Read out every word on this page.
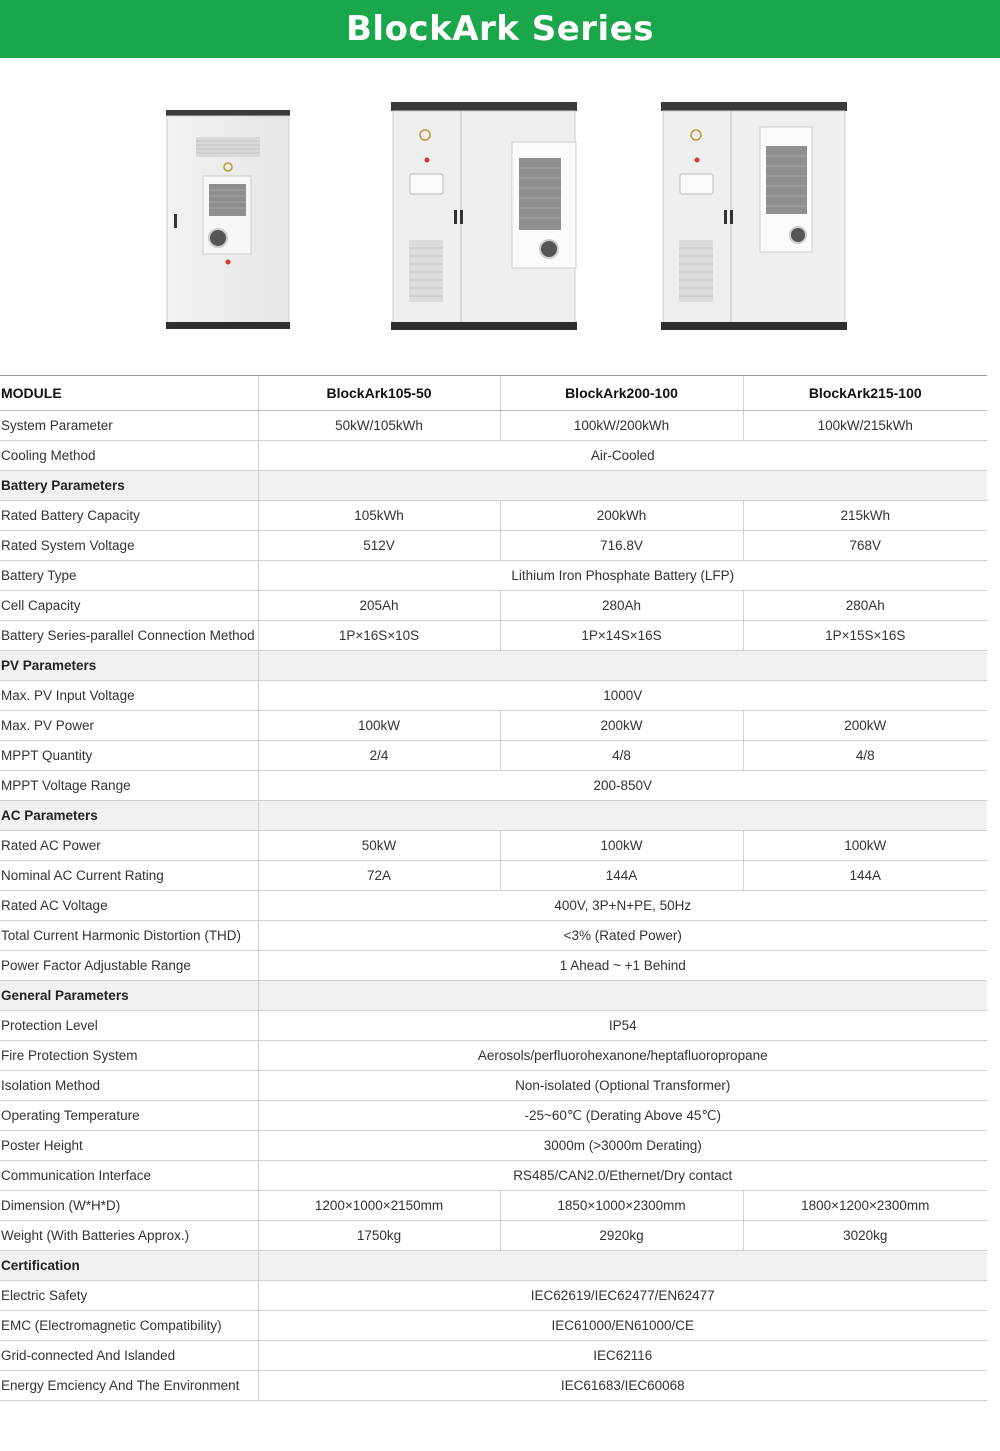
BlockArk Series
MODULE	BlockArk105-50	BlockArk200-100	BlockArk215-100
System Parameter	50kW/105kWh	100kW/200kWh	100kW/215kWh
Cooling Method	Air-Cooled		
Battery Parameters			
Rated Battery Capacity	105kWh	200kWh	215kWh
Rated System Voltage	512V	716.8V	768V
Battery Type	Lithium Iron Phosphate Battery (LFP)		
Cell Capacity	205Ah	280Ah	280Ah
Battery Series-parallel Connection Method	1P×16S×10S	1P×14S×16S	1P×15S×16S
PV Parameters			
Max. PV Input Voltage	1000V		
Max. PV Power	100kW	200kW	200kW
MPPT Quantity	2/4	4/8	4/8
MPPT Voltage Range	200-850V		
AC Parameters			
Rated AC Power	50kW	100kW	100kW
Nominal AC Current Rating	72A	144A	144A
Rated AC Voltage	400V, 3P+N+PE, 50Hz		
Total Current Harmonic Distortion (THD)	<3% (Rated Power)		
Power Factor Adjustable Range	1 Ahead ~ +1 Behind		
General Parameters			
Protection Level	IP54		
Fire Protection System	Aerosols/perfluorohexanone/heptafluoropropane		
Isolation Method	Non-isolated (Optional Transformer)		
Operating Temperature	-25~60℃ (Derating Above 45℃)		
Poster Height	3000m (>3000m Derating)		
Communication Interface	RS485/CAN2.0/Ethernet/Dry contact		
Dimension (W*H*D)	1200×1000×2150mm	1850×1000×2300mm	1800×1200×2300mm
Weight (With Batteries Approx.)	1750kg	2920kg	3020kg
Certification			
Electric Safety	IEC62619/IEC62477/EN62477		
EMC (Electromagnetic Compatibility)	IEC61000/EN61000/CE		
Grid-connected And Islanded	IEC62116		
Energy Emciency And The Environment	IEC61683/IEC60068		
